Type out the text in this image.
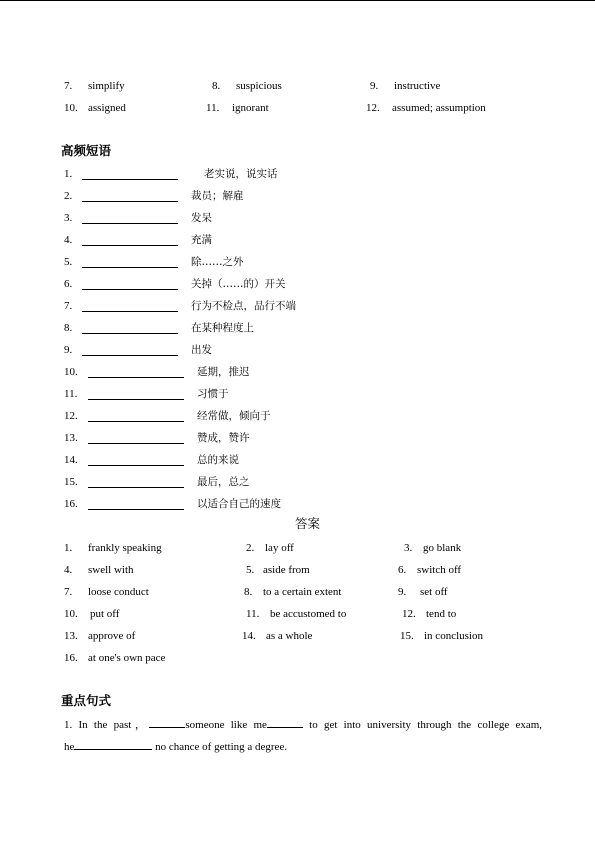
7. simplify	8. suspicious	9. instructive
10. assigned	11. ignorant	12. assumed; assumption
高频短语
1.	老实说，说实话
2.	裁员；解雇
3.	发呆
4.	充满
5.	除……之外
6.	关掉（……的）开关
7.	行为不检点，品行不端
8.	在某种程度上
9.	出发
10.	延期，推迟
11.	习惯于
12.	经常做，倾向于
13.	赞成，赞许
14.	总的来说
15.	最后，总之
16.	以适合自己的速度
答案
1. frankly speaking	2. lay off	3. go blank
4. swell with	5. aside from	6. switch off
7. loose conduct	8. to a certain extent	9. set off
10. put off	11. be accustomed to	12. tend to
13. approve of	14. as a whole	15. in conclusion
16. at one's own pace
重点句式
1. In the past，	someone like me	to get into university through the college exam,
he	no chance of getting a degree.
